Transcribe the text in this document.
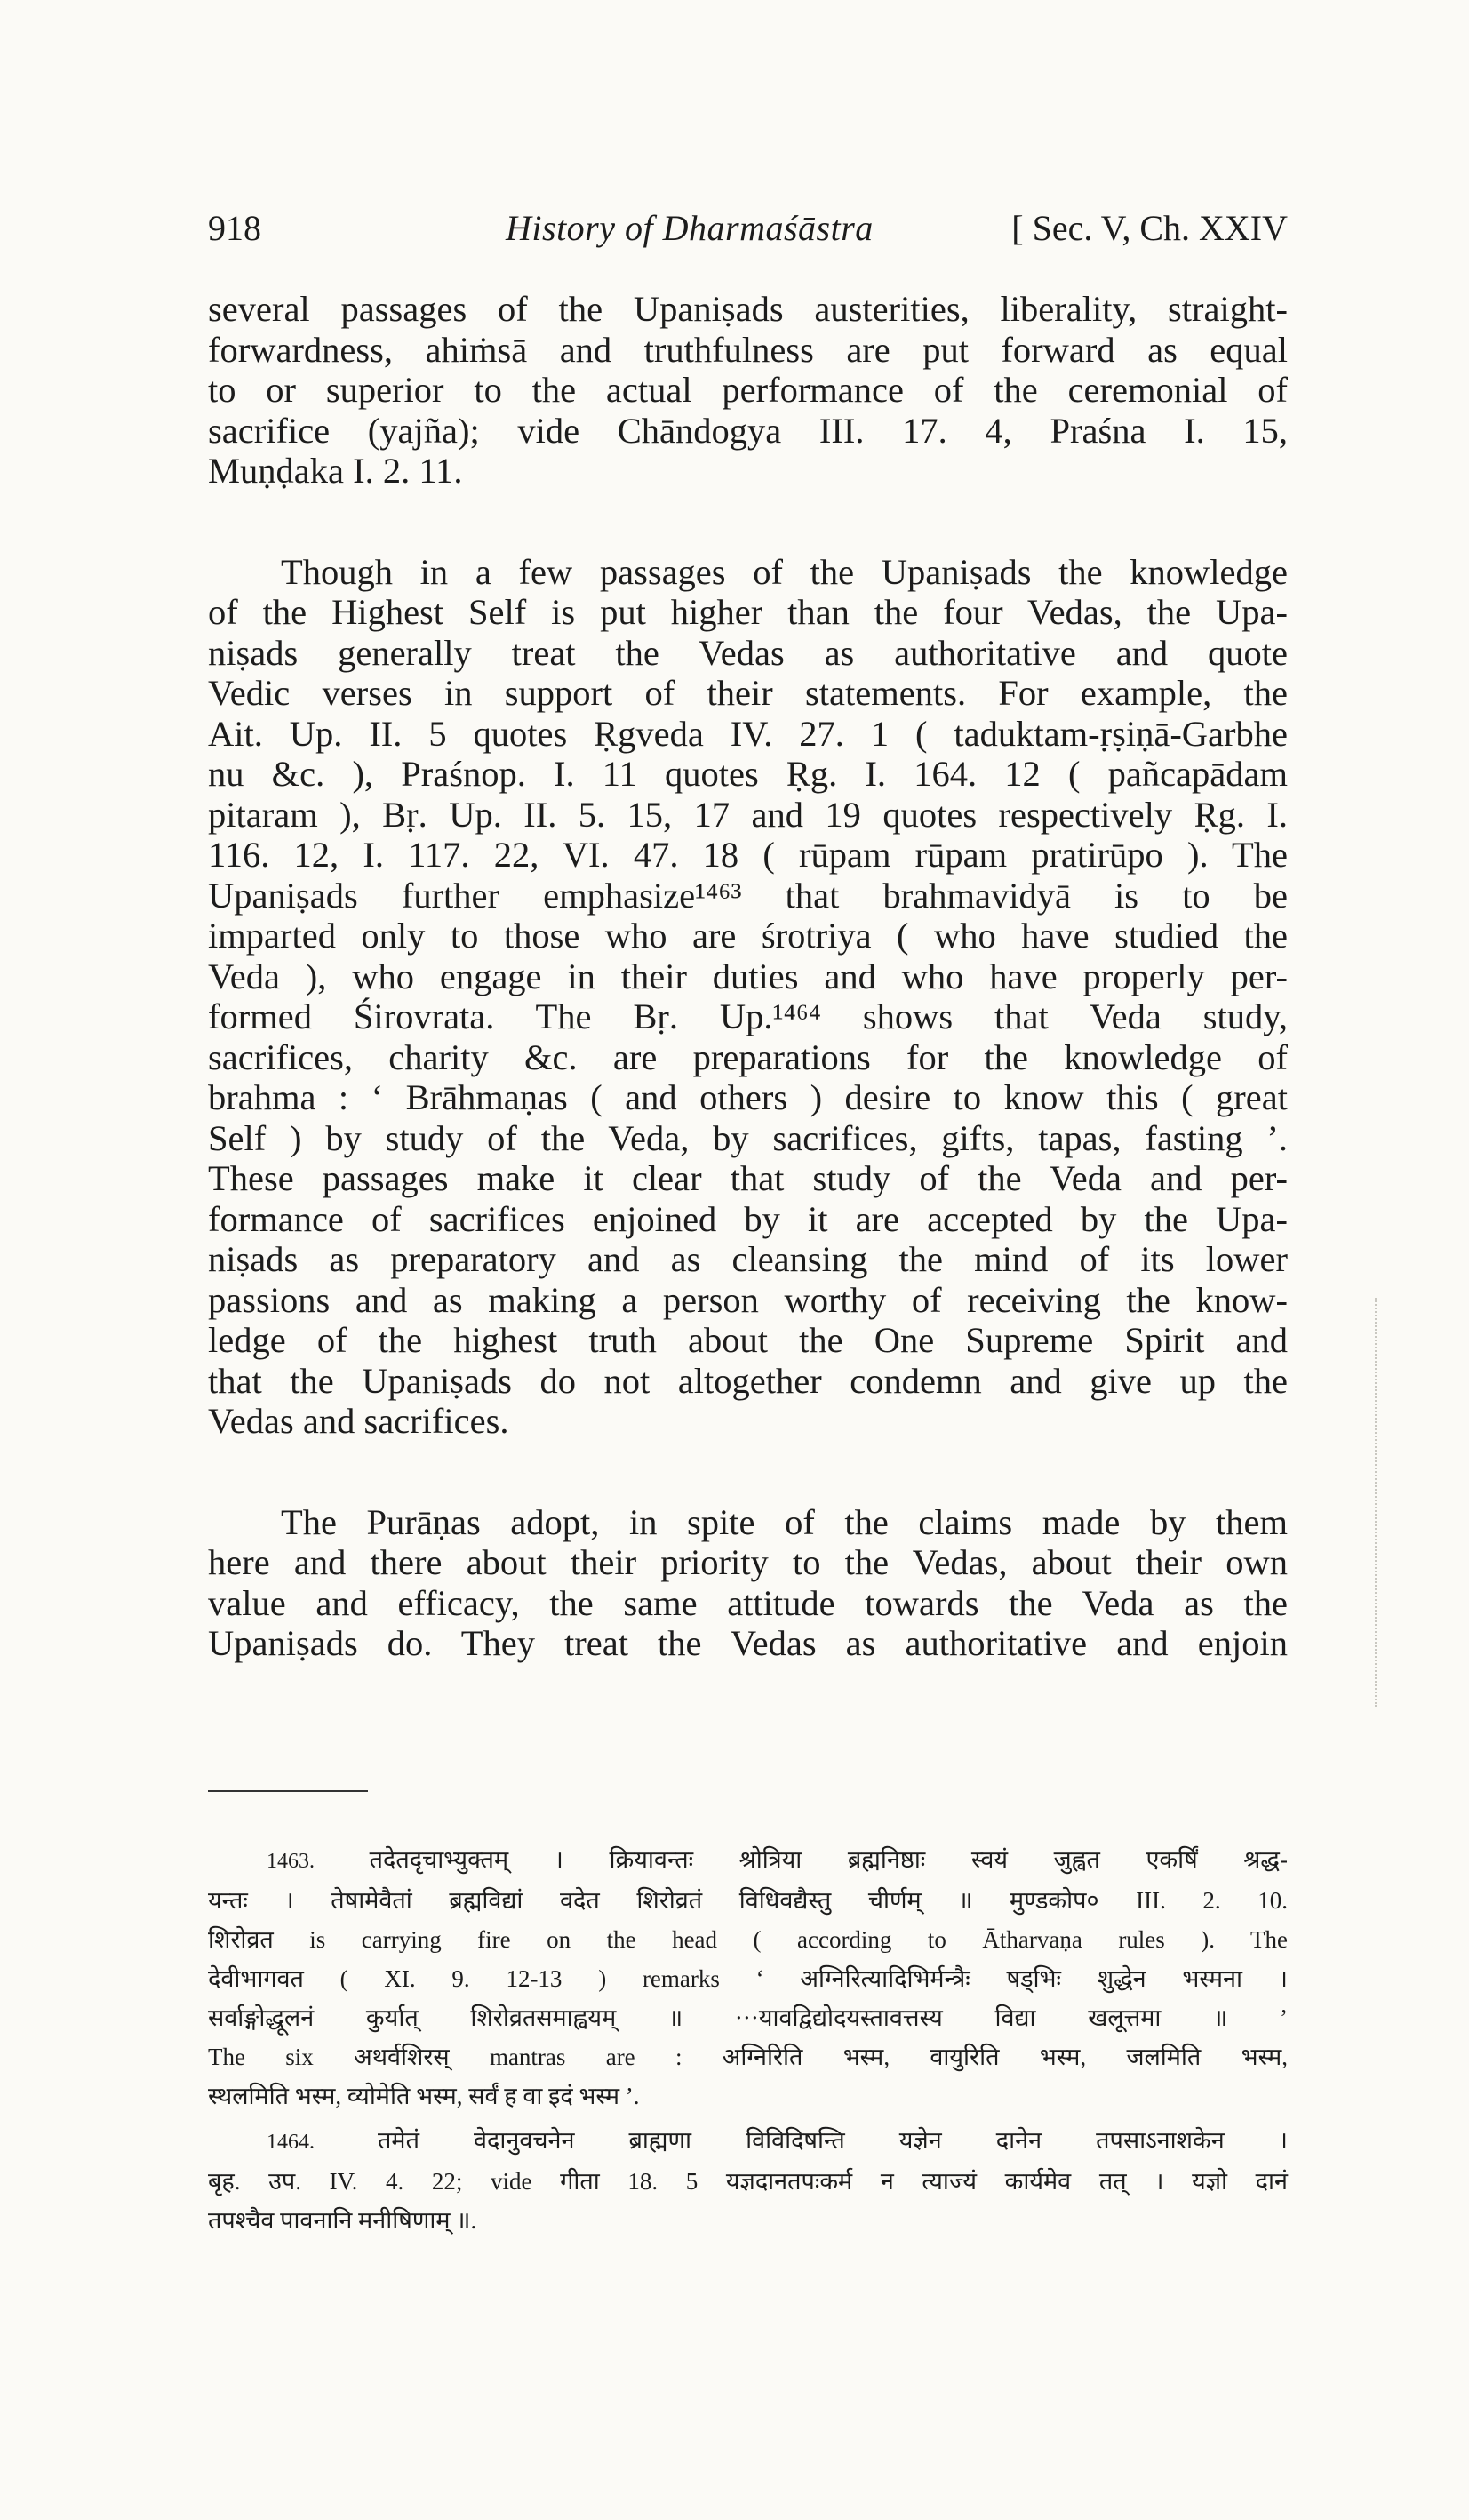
918	History of Dharmaśāstra	[ Sec. V, Ch. XXIV

several passages of the Upaniṣads austerities, liberality, straight-
forwardness, ahiṁsā and truthfulness are put forward as equal
to or superior to the actual performance of the ceremonial of
sacrifice (yajña); vide Chāndogya III. 17. 4, Praśna I. 15,
Muṇḍaka I. 2. 11.

Though in a few passages of the Upaniṣads the knowledge
of the Highest Self is put higher than the four Vedas, the Upa-
niṣads generally treat the Vedas as authoritative and quote
Vedic verses in support of their statements. For example, the
Ait. Up. II. 5 quotes Ṛgveda IV. 27. 1 ( taduktam-ṛṣiṇā-Garbhe
nu &c. ), Praśnop. I. 11 quotes Ṛg. I. 164. 12 ( pañcapādam
pitaram ), Bṛ. Up. II. 5. 15, 17 and 19 quotes respectively Ṛg. I.
116. 12, I. 117. 22, VI. 47. 18 ( rūpam rūpam pratirūpo ). The
Upaniṣads further emphasize¹⁴⁶³ that brahmavidyā is to be
imparted only to those who are śrotriya ( who have studied the
Veda ), who engage in their duties and who have properly per-
formed Śirovrata. The Bṛ. Up.¹⁴⁶⁴ shows that Veda study,
sacrifices, charity &c. are preparations for the knowledge of
brahma : ‘ Brāhmaṇas ( and others ) desire to know this ( great
Self ) by study of the Veda, by sacrifices, gifts, tapas, fasting ’.
These passages make it clear that study of the Veda and per-
formance of sacrifices enjoined by it are accepted by the Upa-
niṣads as preparatory and as cleansing the mind of its lower
passions and as making a person worthy of receiving the know-
ledge of the highest truth about the One Supreme Spirit and
that the Upaniṣads do not altogether condemn and give up the
Vedas and sacrifices.

The Purāṇas adopt, in spite of the claims made by them
here and there about their priority to the Vedas, about their own
value and efficacy, the same attitude towards the Veda as the
Upaniṣads do. They treat the Vedas as authoritative and enjoin

1463. तदेतदृचाभ्युक्तम् । क्रियावन्तः श्रोत्रिया ब्रह्मनिष्ठाः स्वयं जुह्वत एकर्षिं श्रद्ध-
यन्तः । तेषामेवैतां ब्रह्मविद्यां वदेत शिरोव्रतं विधिवद्यैस्तु चीर्णम् ॥ मुण्डकोप० III. 2. 10.
शिरोव्रत is carrying fire on the head ( according to Ātharvaṇa rules ). The
देवीभागवत ( XI. 9. 12-13 ) remarks ‘ अग्निरित्यादिभिर्मन्त्रैः षड्भिः शुद्धेन भस्मना ।
सर्वाङ्गोद्धूलनं कुर्यात् शिरोव्रतसमाह्वयम् ॥ ···यावद्विद्योदयस्तावत्तस्य विद्या खलूत्तमा ॥ ’
The six अथर्वशिरस् mantras are : अग्निरिति भस्म, वायुरिति भस्म, जलमिति भस्म,
स्थलमिति भस्म, व्योमेति भस्म, सर्वं ह वा इदं भस्म ’.
1464.	तमेतं वेदानुवचनेन ब्राह्मणा विविदिषन्ति यज्ञेन दानेन तपसाऽनाशकेन ।
बृह. उप. IV. 4. 22; vide गीता 18. 5 यज्ञदानतपःकर्म न त्याज्यं कार्यमेव तत् । यज्ञो दानं
तपश्चैव पावनानि मनीषिणाम् ॥.
